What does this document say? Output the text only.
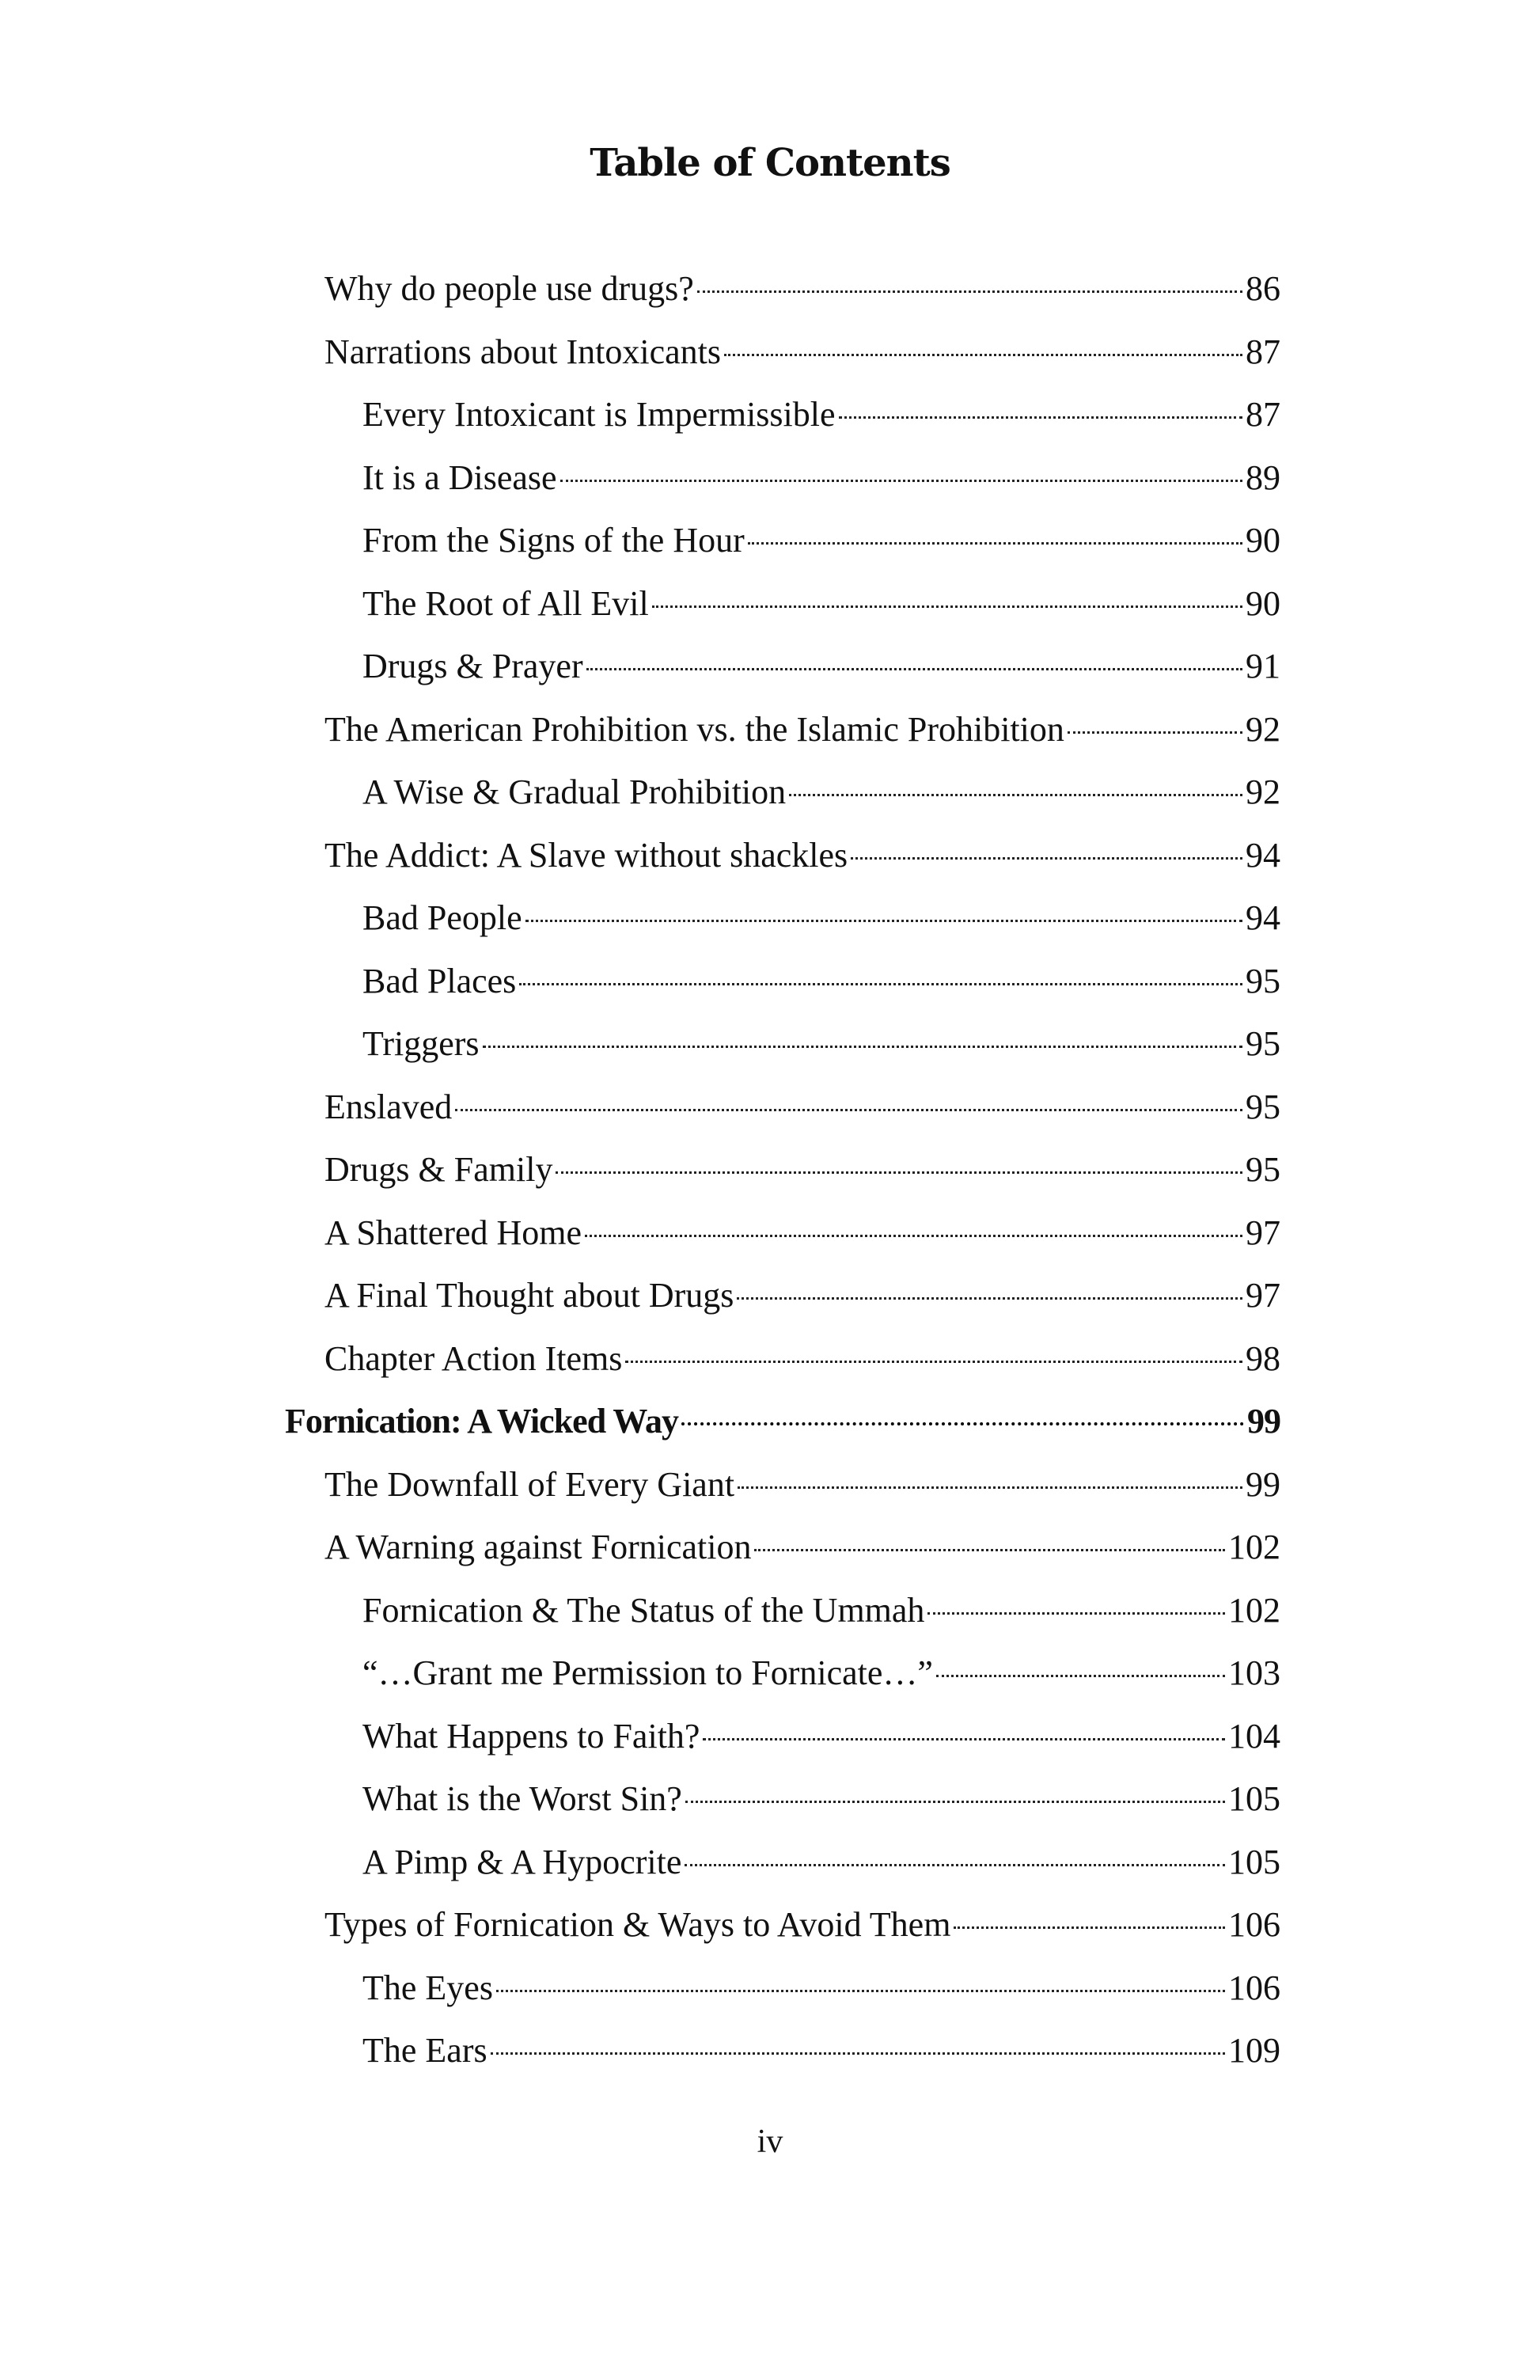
Table of Contents
Why do people use drugs?	86
Narrations about Intoxicants	87
Every Intoxicant is Impermissible	87
It is a Disease	89
From the Signs of the Hour	90
The Root of All Evil	90
Drugs & Prayer	91
The American Prohibition vs. the Islamic Prohibition	92
A Wise & Gradual Prohibition	92
The Addict: A Slave without shackles	94
Bad People	94
Bad Places	95
Triggers	95
Enslaved	95
Drugs & Family	95
A Shattered Home	97
A Final Thought about Drugs	97
Chapter Action Items	98
Fornication: A Wicked Way	99
The Downfall of Every Giant	99
A Warning against Fornication	102
Fornication & The Status of the Ummah	102
“…Grant me Permission to Fornicate…”	103
What Happens to Faith?	104
What is the Worst Sin?	105
A Pimp & A Hypocrite	105
Types of Fornication & Ways to Avoid Them	106
The Eyes	106
The Ears	109
iv
